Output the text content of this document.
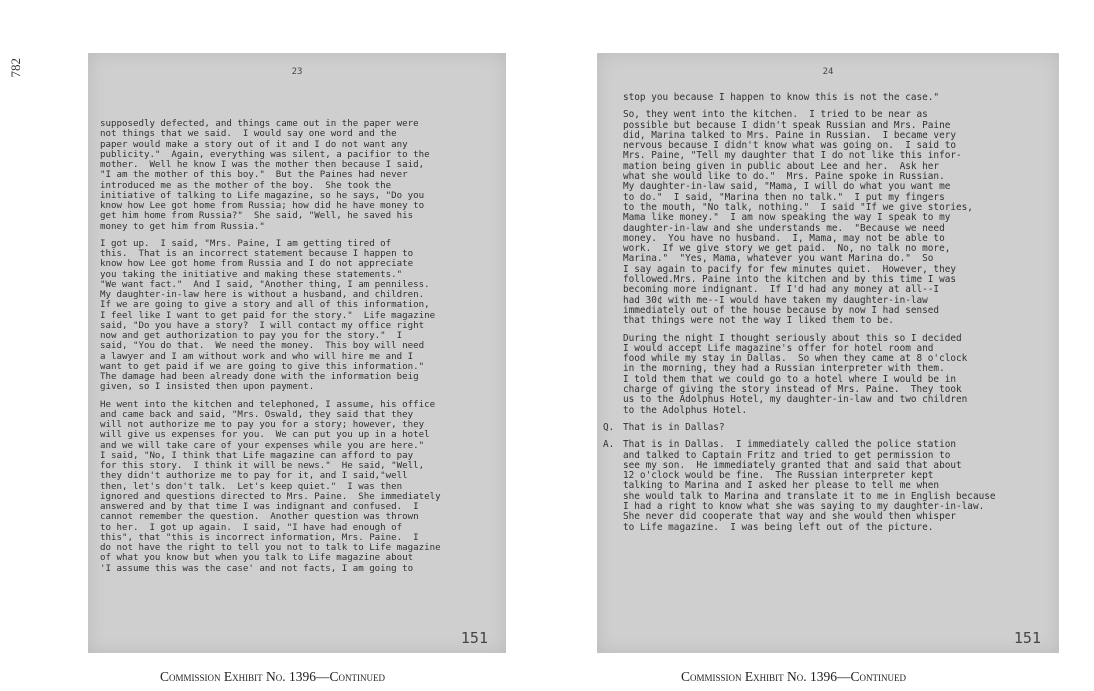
782	23
supposedly defected, and things came out in the paper were
not things that we said.  I would say one word and the
paper would make a story out of it and I do not want any
publicity."  Again, everything was silent, a pacifior to the
mother.  Well he know I was the mother then because I said,
"I am the mother of this boy."  But the Paines had never
introduced me as the mother of the boy.  She took the
initiative of talking to Life magazine, so he says, "Do you
know how Lee got home from Russia; how did he have money to
get him home from Russia?"  She said, "Well, he saved his
money to get him from Russia."
I got up.  I said, "Mrs. Paine, I am getting tired of
this.  That is an incorrect statement because I happen to
know how Lee got home from Russia and I do not appreciate
you taking the initiative and making these statements."
"We want fact."  And I said, "Another thing, I am penniless.
My daughter-in-law here is without a husband, and children.
If we are going to give a story and all of this information,
I feel like I want to get paid for the story."  Life magazine
said, "Do you have a story?  I will contact my office right
now and get authorization to pay you for the story."  I
said, "You do that.  We need the money.  This boy will need
a lawyer and I am without work and who will hire me and I
want to get paid if we are going to give this information."
The damage had been already done with the information beig
given, so I insisted then upon payment.
He went into the kitchen and telephoned, I assume, his office
and came back and said, "Mrs. Oswald, they said that they
will not authorize me to pay you for a story; however, they
will give us expenses for you.  We can put you up in a hotel
and we will take care of your expenses while you are here."
I said, "No, I think that Life magazine can afford to pay
for this story.  I think it will be news."  He said, "Well,
they didn't authorize me to pay for it, and I said,"well
then, let's don't talk.  Let's keep quiet."  I was then
ignored and questions directed to Mrs. Paine.  She immediately
answered and by that time I was indignant and confused.  I
cannot remember the question.  Another question was thrown
to her.  I got up again.  I said, "I have had enough of
this", that "this is incorrect information, Mrs. Paine.  I
do not have the right to tell you not to talk to Life magazine
of what you know but when you talk to Life magazine about
'I assume this was the case' and not facts, I am going to
151
24
stop you because I happen to know this is not the case."
So, they went into the kitchen.  I tried to be near as
possible but because I didn't speak Russian and Mrs. Paine
did, Marina talked to Mrs. Paine in Russian.  I became very
nervous because I didn't know what was going on.  I said to
Mrs. Paine, "Tell my daughter that I do not like this infor-
mation being given in public about Lee and her.  Ask her
what she would like to do."  Mrs. Paine spoke in Russian.
My daughter-in-law said, "Mama, I will do what you want me
to do."  I said, "Marina then no talk."  I put my fingers
to the mouth, "No talk, nothing."  I said "If we give stories,
Mama like money."  I am now speaking the way I speak to my
daughter-in-law and she understands me.  "Because we need
money.  You have no husband.  I, Mama, may not be able to
work.  If we give story we get paid.  No, no talk no more,
Marina."  "Yes, Mama, whatever you want Marina do."  So
I say again to pacify for few minutes quiet.  However, they
followed.Mrs. Paine into the kitchen and by this time I was
becoming more indignant.  If I'd had any money at all--I
had 30¢ with me--I would have taken my daughter-in-law
immediately out of the house because by now I had sensed
that things were not the way I liked them to be.
During the night I thought seriously about this so I decided
I would accept Life magazine's offer for hotel room and
food while my stay in Dallas.  So when they came at 8 o'clock
in the morning, they had a Russian interpreter with them.
I told them that we could go to a hotel where I would be in
charge of giving the story instead of Mrs. Paine.  They took
us to the Adolphus Hotel, my daughter-in-law and two children
to the Adolphus Hotel.
Q. That is in Dallas?
A. That is in Dallas.  I immediately called the police station
and talked to Captain Fritz and tried to get permission to
see my son.  He immediately granted that and said that about
12 o'clock would be fine.  The Russian interpreter kept
talking to Marina and I asked her please to tell me when
she would talk to Marina and translate it to me in English because
I had a right to know what she was saying to my daughter-in-law.
She never did cooperate that way and she would then whisper
to Life magazine.  I was being left out of the picture.
151
Commission Exhibit No. 1396—Continued	Commission Exhibit No. 1396—Continued
